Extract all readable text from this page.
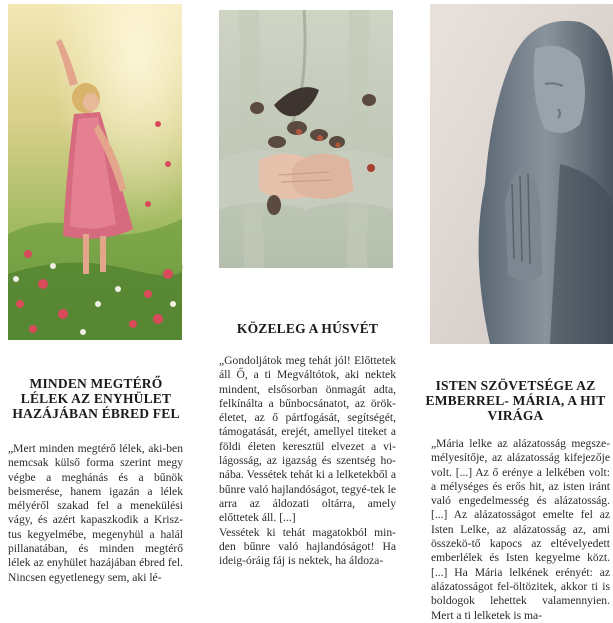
MINDEN MEGTÉRŐ LÉLEK AZ ENYHÜLET HAZÁJÁBAN ÉBRED FEL

„Mert minden megtérő lélek, aki-ben nemcsak külső forma szerint megy végbe a meghánás és a bűnök beismerése, hanem igazán a lélek mélyéről szakad fel a menekülési vágy, és azért kapaszkodik a Krisz-tus kegyelmébe, megenyhül a halál pillanatában, és minden megtérő lélek az enyhület hazájában ébred fel. Nincsen egyetlenegy sem, aki lé-

KÖZELEG A HÚSVÉT

„Gondoljátok meg tehát jól! Előttetek áll Ő, a ti Megváltótok, aki nektek mindent, elsősorban önmagát adta, felkínálta a bűnbocsánatot, az örök-életet, az ő pártfogását, segítségét, támogatását, erejét, amellyel titeket a földi életen keresztül elvezet a vi-lágosság, az igazság és szentség ho-nába. Vessétek tehát ki a lelketekből a bűnre való hajlandóságot, tegyé-tek le arra az áldozati oltárra, amely előttetek áll. [...]

Vessétek ki tehát magatokból min-den bűnre való hajlandóságot! Ha ideig-óráig fáj is nektek, ha áldoza-

ISTEN SZÖVETSÉGE AZ EMBERREL- MÁRIA, A HIT VIRÁGA

„Mária lelke az alázatosság megsze-mélyesítője, az alázatosság kifejezője volt. [...] Az ő erénye a lelkében volt: a mélységes és erős hit, az isten iránt való engedelmesség és alázatosság. [...] Az alázatosságot emelte fel az Isten Lelke, az alázatosság az, ami összekö-tő kapocs az eltévelyedett emberlélek és Isten kegyelme közt. [...] Ha Mária lelkének erényét: az alázatosságot fel-öltözitek, akkor ti is boldogok lehettek valamennyien. Mert a ti lelketek is ma-
